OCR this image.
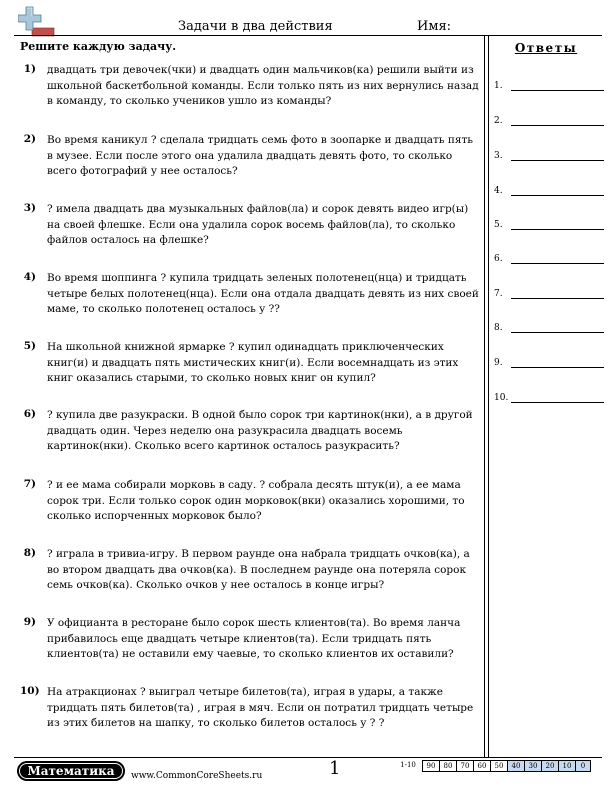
Задачи в два действия	Имя:
Решите каждую задачу.	Ответы
1) двадцать три девочек(чки) и двадцать один мальчиков(ка) решили выйти из школьной баскетбольной команды. Если только пять из них вернулись назад в команду, то сколько учеников ушло из команды?
2) Во время каникул ? сделала тридцать семь фото в зоопарке и двадцать пять в музее. Если после этого она удалила двадцать девять фото, то сколько всего фотографий у нее осталось?
3) ? имела двадцать два музыкальных файлов(ла) и сорок девять видео игр(ы) на своей флешке. Если она удалила сорок восемь файлов(ла), то сколько файлов осталось на флешке?
4) Во время шоппинга ? купила тридцать зеленых полотенец(нца) и тридцать четыре белых полотенец(нца). Если она отдала двадцать девять из них своей маме, то сколько полотенец осталось у ??
5) На школьной книжной ярмарке ? купил одинадцать приключенческих книг(и) и двадцать пять мистических книг(и). Если восемнадцать из этих книг оказались старыми, то сколько новых книг он купил?
6) ? купила две разукраски. В одной было сорок три картинок(нки), а в другой двадцать один. Через неделю она разукрасила двадцать восемь картинок(нки). Сколько всего картинок осталось разукрасить?
7) ? и ее мама собирали морковь в саду. ? собрала десять штук(и), а ее мама сорок три. Если только сорок один морковок(вки) оказались хорошими, то сколько испорченных морковок было?
8) ? играла в тривиа-игру. В первом раунде она набрала тридцать очков(ка), а во втором двадцать два очков(ка). В последнем раунде она потеряла сорок семь очков(ка). Сколько очков у нее осталось в конце игры?
9) У официанта в ресторане было сорок шесть клиентов(та). Во время ланча прибавилось еще двадцать четыре клиентов(та). Если тридцать пять клиентов(та) не оставили ему чаевые, то сколько клиентов их оставили?
10) На атракционах ? выиграл четыре билетов(та), играя в удары, а также тридцать пять билетов(та) , играя в мяч. Если он потратил тридцать четыре из этих билетов на шапку, то сколько билетов осталось у ? ?
1.
2.
3.
4.
5.
6.
7.
8.
9.
10.
Математика	www.CommonCoreSheets.ru	1	1-10	90	80	70	60	50	40	30	20	10	0
